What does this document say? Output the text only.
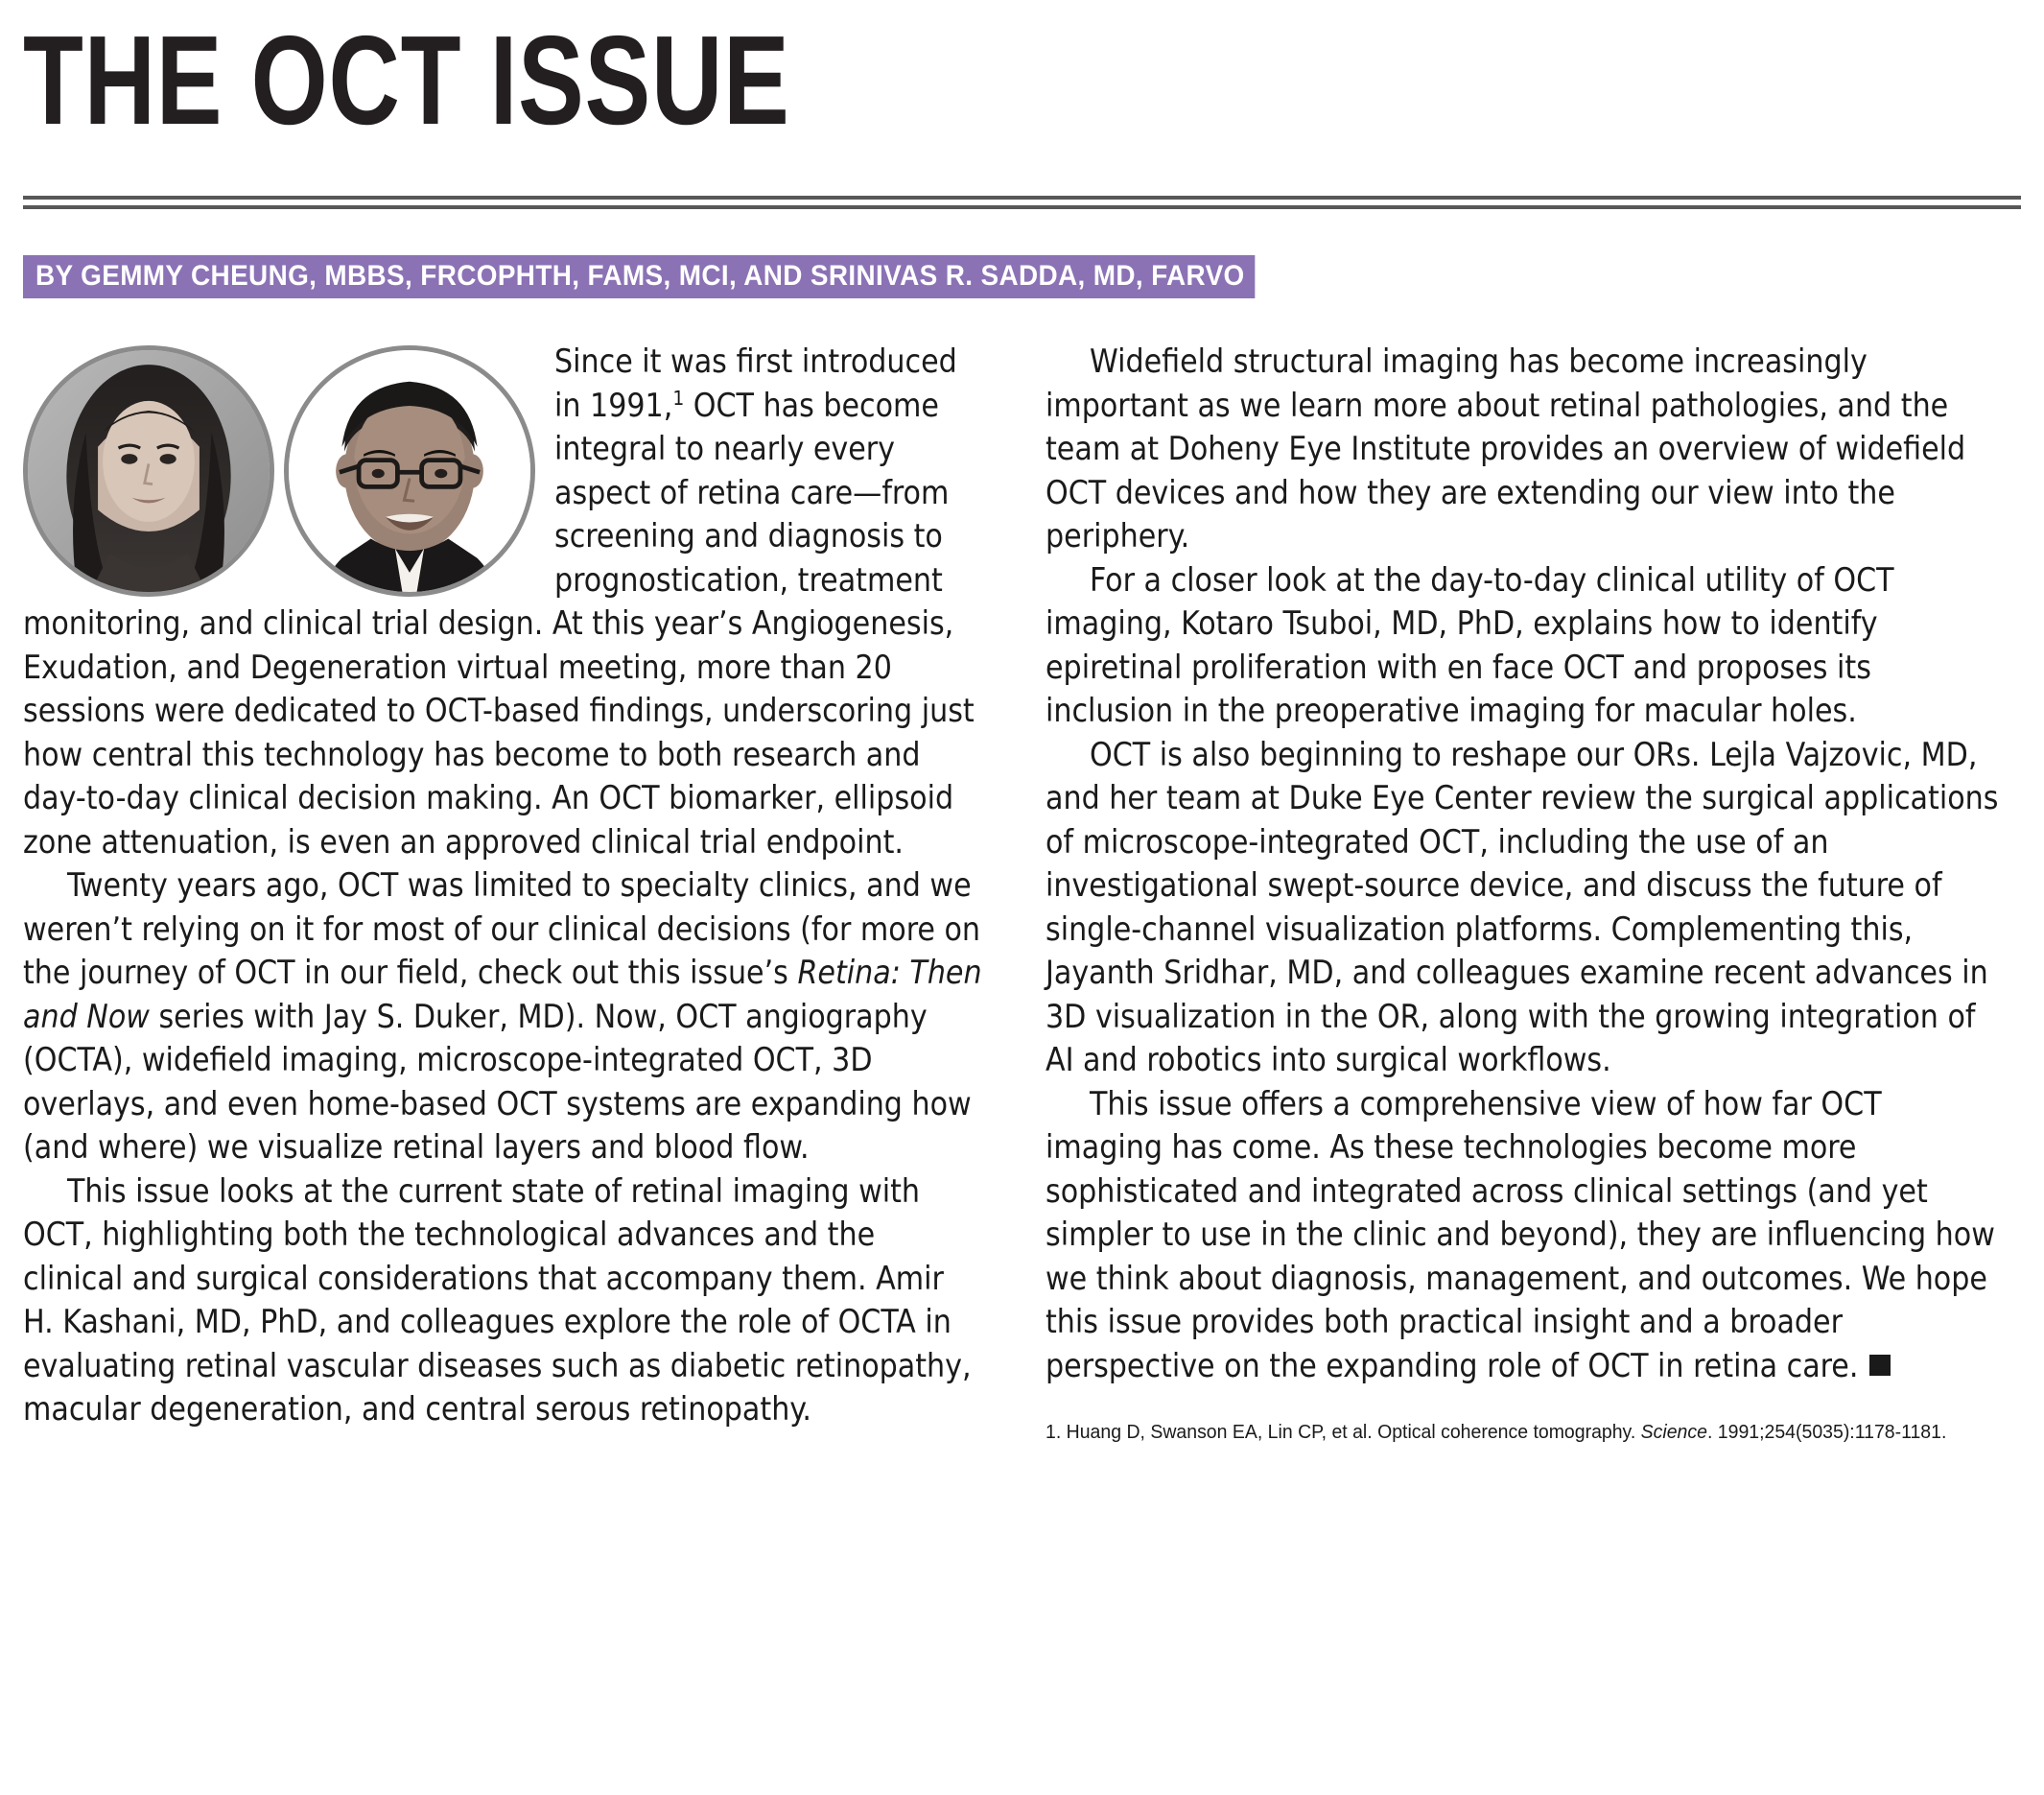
THE OCT ISSUE
BY GEMMY CHEUNG, MBBS, FRCOPHTH, FAMS, MCI, AND SRINIVAS R. SADDA, MD, FARVO

Since it was first introduced in 1991,$^1$ OCT has become integral to nearly every aspect of retina care—from screening and diagnosis to prognostication, treatment monitoring, and clinical trial design. At this year’s Angiogenesis, Exudation, and Degeneration virtual meeting, more than 20 sessions were dedicated to OCT-based findings, underscoring just how central this technology has become to both research and day-to-day clinical decision making. An OCT biomarker, ellipsoid zone attenuation, is even an approved clinical trial endpoint.

Twenty years ago, OCT was limited to specialty clinics, and we weren’t relying on it for most of our clinical decisions (for more on the journey of OCT in our field, check out this issue’s Retina: Then and Now series with Jay S. Duker, MD). Now, OCT angiography (OCTA), widefield imaging, microscope-integrated OCT, 3D overlays, and even home-based OCT systems are expanding how (and where) we visualize retinal layers and blood flow.

This issue looks at the current state of retinal imaging with OCT, highlighting both the technological advances and the clinical and surgical considerations that accompany them. Amir H. Kashani, MD, PhD, and colleagues explore the role of OCTA in evaluating retinal vascular diseases such as diabetic retinopathy, macular degeneration, and central serous retinopathy.

Widefield structural imaging has become increasingly important as we learn more about retinal pathologies, and the team at Doheny Eye Institute provides an overview of widefield OCT devices and how they are extending our view into the periphery.

For a closer look at the day-to-day clinical utility of OCT imaging, Kotaro Tsuboi, MD, PhD, explains how to identify epiretinal proliferation with en face OCT and proposes its inclusion in the preoperative imaging for macular holes.

OCT is also beginning to reshape our ORs. Lejla Vajzovic, MD, and her team at Duke Eye Center review the surgical applications of microscope-integrated OCT, including the use of an investigational swept-source device, and discuss the future of single-channel visualization platforms. Complementing this, Jayanth Sridhar, MD, and colleagues examine recent advances in 3D visualization in the OR, along with the growing integration of AI and robotics into surgical workflows.

This issue offers a comprehensive view of how far OCT imaging has come. As these technologies become more sophisticated and integrated across clinical settings (and yet simpler to use in the clinic and beyond), they are influencing how we think about diagnosis, management, and outcomes. We hope this issue provides both practical insight and a broader perspective on the expanding role of OCT in retina care.

1. Huang D, Swanson EA, Lin CP, et al. Optical coherence tomography. Science. 1991;254(5035):1178-1181.
